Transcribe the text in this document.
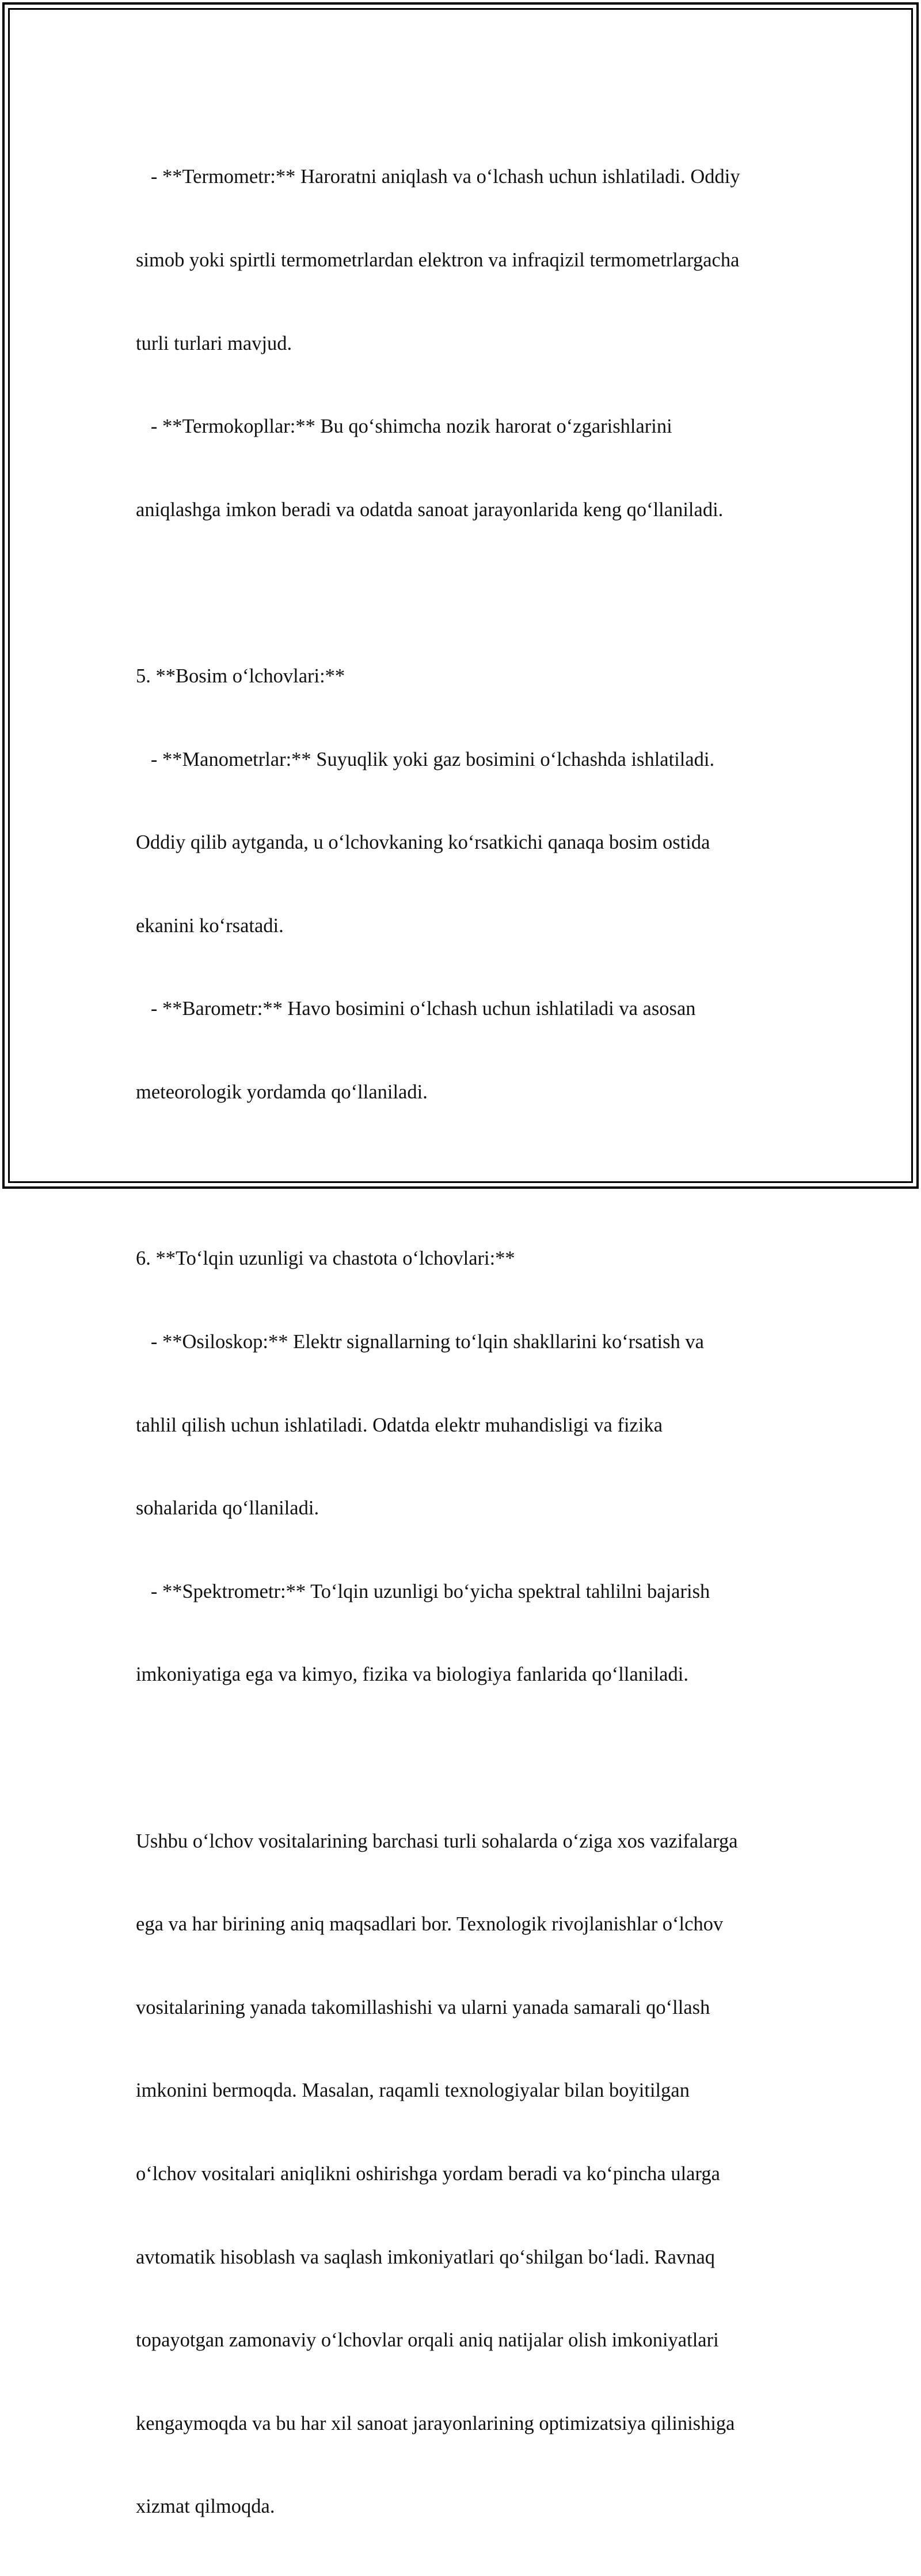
- **Termometr:** Haroratni aniqlash va o‘lchash uchun ishlatiladi. Oddiy

simob yoki spirtli termometrlardan elektron va infraqizil termometrlargacha

turli turlari mavjud.

- **Termokopllar:** Bu qo‘shimcha nozik harorat o‘zgarishlarini

aniqlashga imkon beradi va odatda sanoat jarayonlarida keng qo‘llaniladi.

5. **Bosim o‘lchovlari:**

- **Manometrlar:** Suyuqlik yoki gaz bosimini o‘lchashda ishlatiladi.

Oddiy qilib aytganda, u o‘lchovkaning ko‘rsatkichi qanaqa bosim ostida

ekanini ko‘rsatadi.

- **Barometr:** Havo bosimini o‘lchash uchun ishlatiladi va asosan

meteorologik yordamda qo‘llaniladi.

6. **To‘lqin uzunligi va chastota o‘lchovlari:**

- **Osiloskop:** Elektr signallarning to‘lqin shakllarini ko‘rsatish va

tahlil qilish uchun ishlatiladi. Odatda elektr muhandisligi va fizika

sohalarida qo‘llaniladi.

- **Spektrometr:** To‘lqin uzunligi bo‘yicha spektral tahlilni bajarish

imkoniyatiga ega va kimyo, fizika va biologiya fanlarida qo‘llaniladi.

Ushbu o‘lchov vositalarining barchasi turli sohalarda o‘ziga xos vazifalarga

ega va har birining aniq maqsadlari bor. Texnologik rivojlanishlar o‘lchov

vositalarining yanada takomillashishi va ularni yanada samarali qo‘llash

imkonini bermoqda. Masalan, raqamli texnologiyalar bilan boyitilgan

o‘lchov vositalari aniqlikni oshirishga yordam beradi va ko‘pincha ularga

avtomatik hisoblash va saqlash imkoniyatlari qo‘shilgan bo‘ladi. Ravnaq

topayotgan zamonaviy o‘lchovlar orqali aniq natijalar olish imkoniyatlari

kengaymoqda va bu har xil sanoat jarayonlarining optimizatsiya qilinishiga

xizmat qilmoqda.
